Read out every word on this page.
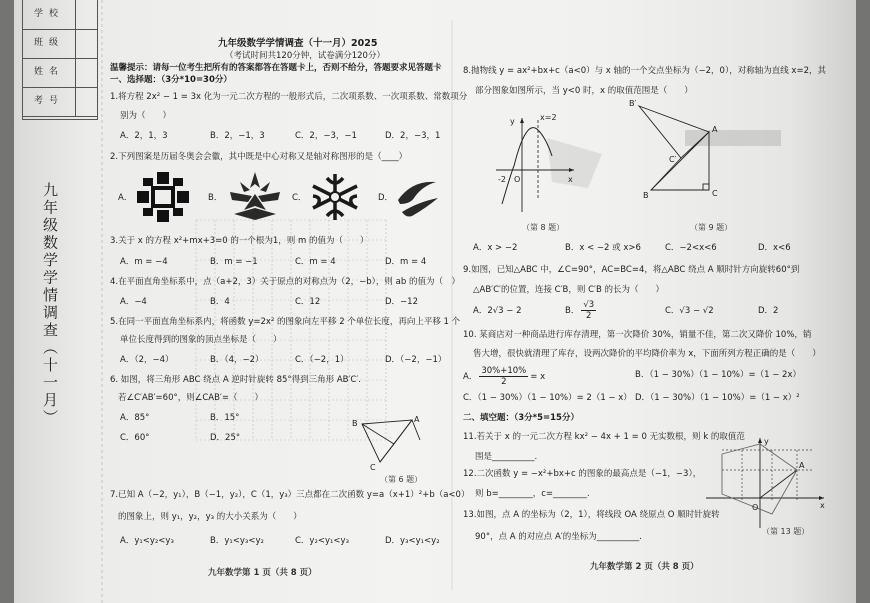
学校
班级
姓名
考号
九年级数学学情调查（十一月）
九年级数学学情调查（十一月）2025
（考试时间共120分钟，试卷满分120分）
温馨提示：请每一位考生把所有的答案都答在答题卡上，否则不给分，答题要求见答题卡
一、选择题：（3分*10=30分）
1.将方程 2x² − 1 = 3x 化为一元二次方程的一般形式后，二次项系数、一次项系数、常数项分
别为（　　）
A．2，1，3	B．2，−1，3	C．2，−3，−1	D．2，−3，1
2.下列图案是历届冬奥会会徽，其中既是中心对称又是轴对称图形的是（____）
A．	B．	C．	D．
3.关于 x 的方程 x²+mx+3=0 的一个根为1，则 m 的值为（　　）
A．m = −4	B．m = −1	C．m = 4	D．m = 4
4.在平面直角坐标系中，点（a+2，3）关于原点的对称点为（2，−b），则 ab 的值为（　）
A．−4	B．4	C．12	D．−12
5.在同一平面直角坐标系内，将函数 y=2x² 的图象向左平移 2 个单位长度，再向上平移 1 个
单位长度得到的图象的顶点坐标是（　　）
A．（2，−4）	B．（4，−2）	C．（−2，1）	D．（−2，−1）
6. 如图，将三角形 ABC 绕点 A 逆时针旋转 85°得到三角形 AB′C′.
若∠C′AB′=60°，则∠CAB′=（　　）
A．85°	B．15°
C．60°	D．25°
B	A
C
（第 6 题）
7.已知 A（−2，y₁），B（−1，y₂），C（1，y₃）三点都在二次函数 y=a（x+1）²+b（a<0）
的图象上，则 y₁，y₂，y₃ 的大小关系为（　　）
A．y₁<y₂<y₃	B．y₁<y₃<y₂	C．y₂<y₁<y₃	D．y₃<y₁<y₂
九年数学第 1 页（共 8 页）
8.抛物线 y = ax²+bx+c（a<0）与 x 轴的一个交点坐标为（−2，0），对称轴为直线 x=2，其
部分图象如图所示，当 y<0 时，x 的取值范围是（　　）
y	x=2
-2 O	x
（第 8 题）
B′
A
C′
C
B
（第 9 题）
A．x > −2	B．x < −2 或 x>6	C．−2<x<6	D．x<6
9.如图，已知△ABC 中，∠C=90°，AC=BC=4，将△ABC 绕点 A 顺时针方向旋转60°到
△AB′C′的位置，连接 C′B，则 C′B 的长为（　　）
A．2√3 − 2	B． $\frac{√3}{2}$	C．√3 − √2	D．2
10. 某商店对一种商品进行库存清理，第一次降价 30%，销量不佳，第二次又降价 10%，销
售大增，很快就清理了库存，设两次降价的平均降价率为 x，下面所列方程正确的是（　　）
A． $\frac{30\%+10\%}{2} = x$	B．（1 − 30%）（1 − 10%）=（1 − 2x）
C．（1 − 30%）（1 − 10%）= 2（1 − x） D．（1 − 30%）（1 − 10%）=（1 − x）²
二、填空题：（3分*5=15分）
11.若关于 x 的一元二次方程 kx² − 4x + 1 = 0 无实数根，则 k 的取值范
围是__________.
12.二次函数 y = −x²+bx+c 的图象的最高点是（−1，−3），
则 b=________，c=________.
13.如图，点 A 的坐标为（2，1），将线段 OA 绕原点 O 顺时针旋转
90°，点 A 的对应点 A′的坐标为__________.
y
A
O	x
（第 13 题）
九年数学第 2 页（共 8 页）
